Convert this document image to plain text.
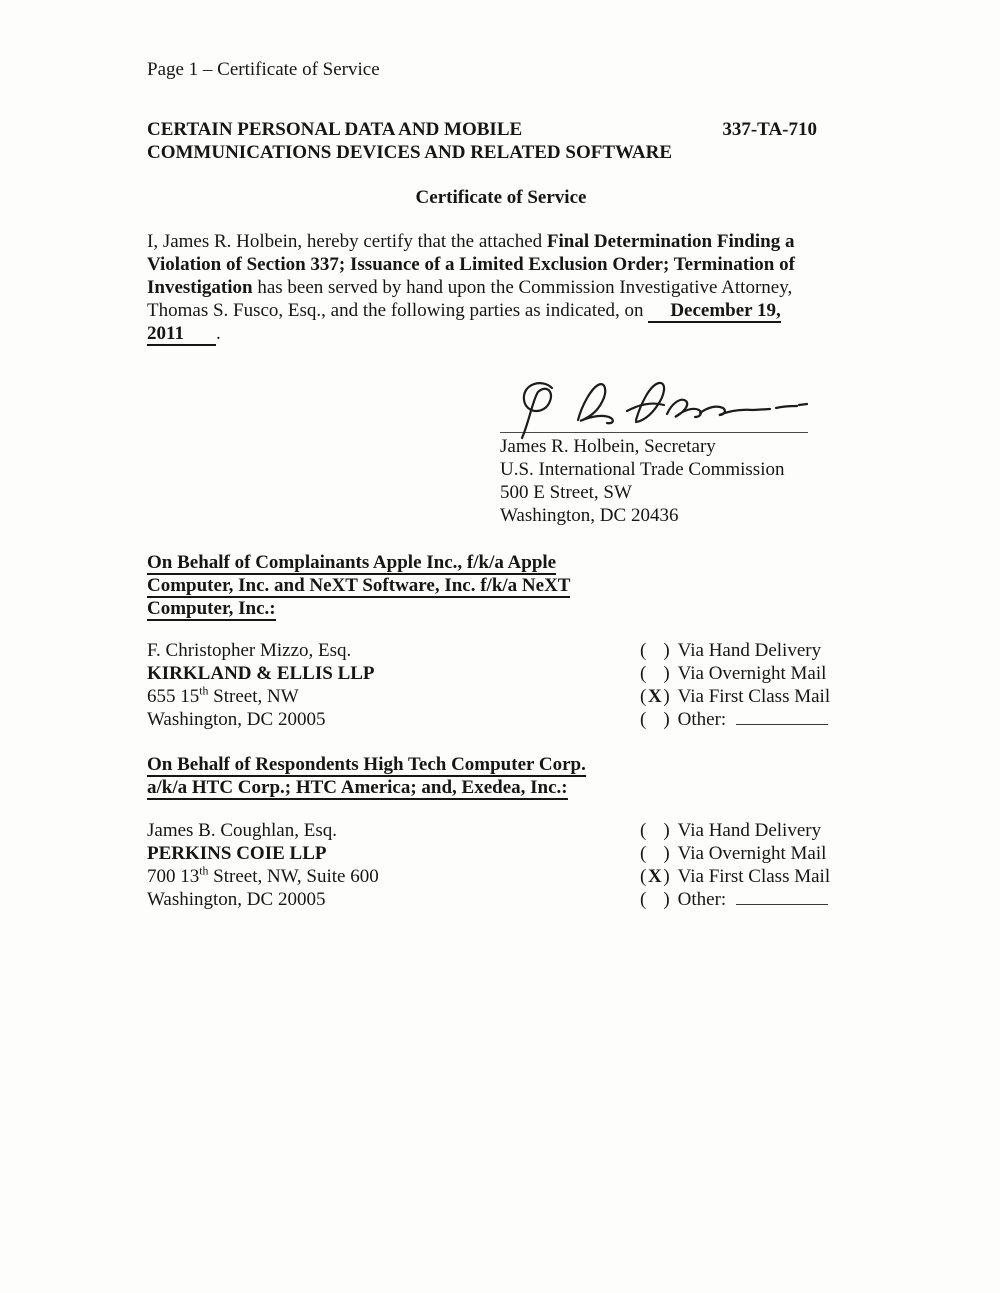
Page 1 – Certificate of Service
CERTAIN PERSONAL DATA AND MOBILE
COMMUNICATIONS DEVICES AND RELATED SOFTWARE
337-TA-710
Certificate of Service

I, James R. Holbein, hereby certify that the attached Final Determination Finding a Violation of Section 337; Issuance of a Limited Exclusion Order; Termination of Investigation has been served by hand upon the Commission Investigative Attorney, Thomas S. Fusco, Esq., and the following parties as indicated, on December 19, 2011 .

James R. Holbein, Secretary
U.S. International Trade Commission
500 E Street, SW
Washington, DC 20436
On Behalf of Complainants Apple Inc., f/k/a Apple
Computer, Inc. and NeXT Software, Inc. f/k/a NeXT
Computer, Inc.:
F. Christopher Mizzo, Esq.
KIRKLAND & ELLIS LLP
655 15th Street, NW
Washington, DC 20005
( ) Via Hand Delivery
( ) Via Overnight Mail
(X) Via First Class Mail
( ) Other:
On Behalf of Respondents High Tech Computer Corp.
a/k/a HTC Corp.; HTC America; and, Exedea, Inc.:
James B. Coughlan, Esq.
PERKINS COIE LLP
700 13th Street, NW, Suite 600
Washington, DC 20005
( ) Via Hand Delivery
( ) Via Overnight Mail
(X) Via First Class Mail
( ) Other:
